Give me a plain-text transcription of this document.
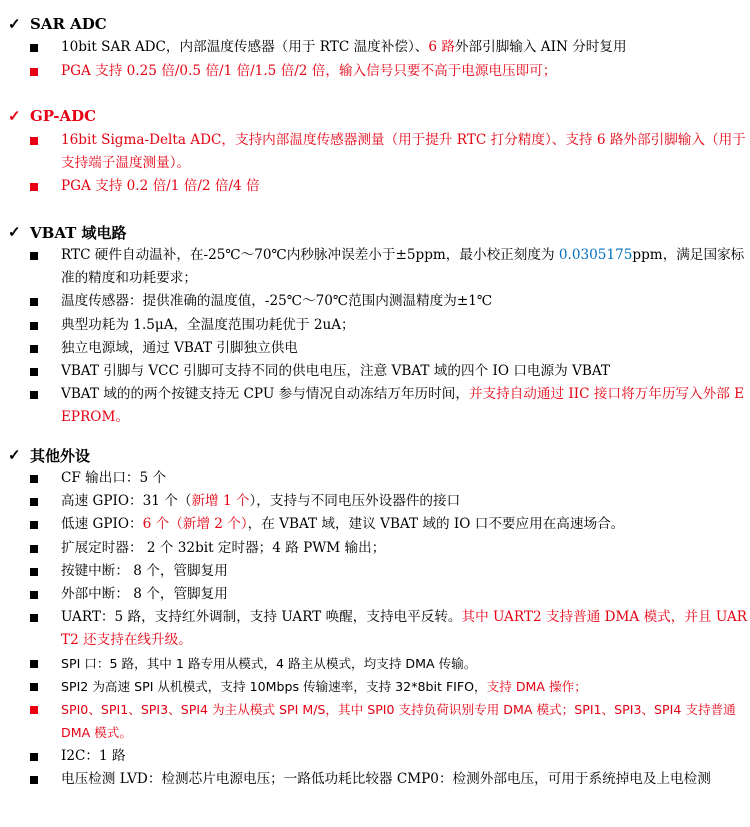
✓ SAR ADC
10bit SAR ADC，内部温度传感器（用于 RTC 温度补偿）、6 路外部引脚输入 AIN 分时复用
PGA 支持 0.25 倍/0.5 倍/1 倍/1.5 倍/2 倍，输入信号只要不高于电源电压即可；
✓ GP-ADC
16bit Sigma-Delta ADC，支持内部温度传感器测量（用于提升 RTC 打分精度）、支持 6 路外部引脚输入（用于支持端子温度测量）。
PGA 支持 0.2 倍/1 倍/2 倍/4 倍
✓ VBAT 域电路
RTC 硬件自动温补，在-25℃～70℃内秒脉冲误差小于±5ppm，最小校正刻度为 0.0305175ppm，满足国家标准的精度和功耗要求；
温度传感器：提供准确的温度值，-25℃～70℃范围内测温精度为±1℃
典型功耗为 1.5μA，全温度范围功耗优于 2uA；
独立电源域，通过 VBAT 引脚独立供电
VBAT 引脚与 VCC 引脚可支持不同的供电电压，注意 VBAT 域的四个 IO 口电源为 VBAT
VBAT 域的的两个按键支持无 CPU 参与情况自动冻结万年历时间，并支持自动通过 IIC 接口将万年历写入外部 EEPROM。
✓ 其他外设
CF 输出口：5 个
高速 GPIO：31 个（新增 1 个），支持与不同电压外设器件的接口
低速 GPIO：6 个（新增 2 个），在 VBAT 域，建议 VBAT 域的 IO 口不要应用在高速场合。
扩展定时器： 2 个 32bit 定时器；4 路 PWM 输出；
按键中断： 8 个，管脚复用
外部中断： 8 个，管脚复用
UART：5 路，支持红外调制，支持 UART 唤醒，支持电平反转。其中 UART2 支持普通 DMA 模式，并且 UART2 还支持在线升级。
SPI 口：5 路，其中 1 路专用从模式，4 路主从模式，均支持 DMA 传输。
SPI2 为高速 SPI 从机模式，支持 10Mbps 传输速率，支持 32*8bit FIFO，支持 DMA 操作；
SPI0、SPI1、SPI3、SPI4 为主从模式 SPI M/S，其中 SPI0 支持负荷识别专用 DMA 模式；SPI1、SPI3、SPI4 支持普通 DMA 模式。
I2C：1 路
电压检测 LVD：检测芯片电源电压；一路低功耗比较器 CMP0：检测外部电压，可用于系统掉电及上电检测
